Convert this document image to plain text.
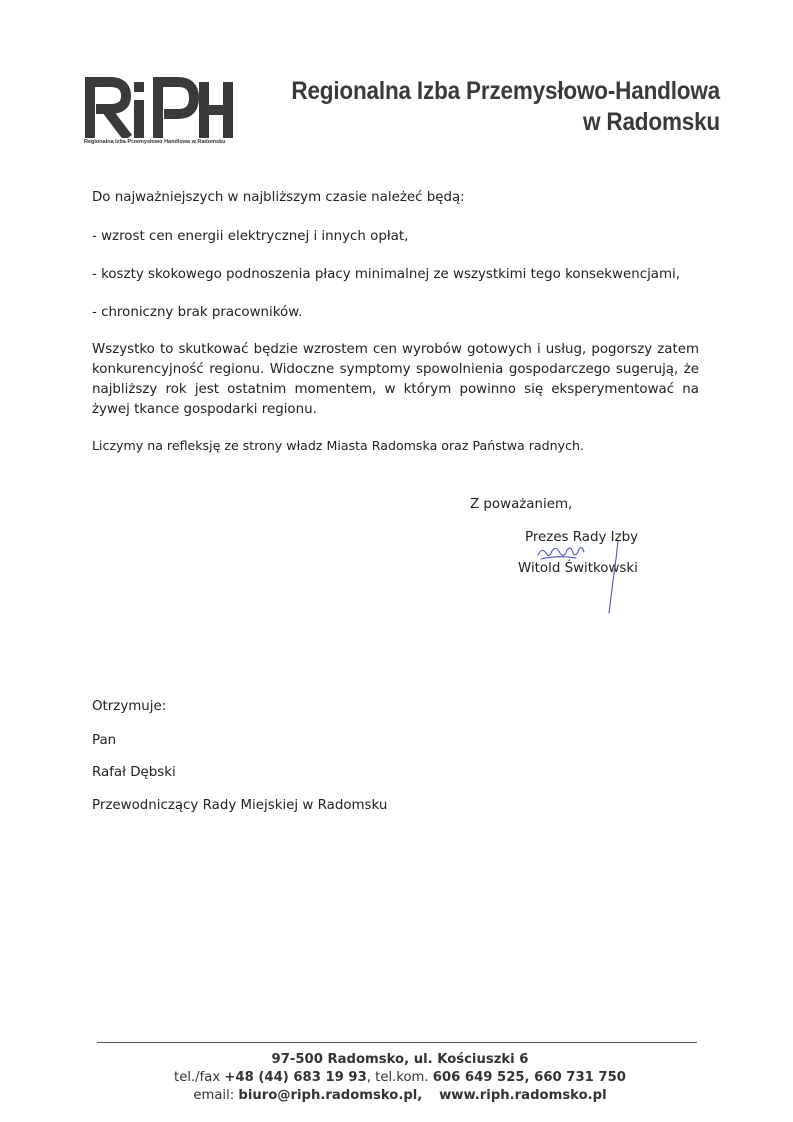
Regionalna Izba Przemysłowo Handlowa w Radomsku
Regionalna Izba Przemysłowo-Handlowa
w Radomsku
Do najważniejszych w najbliższym czasie należeć będą:
- wzrost cen energii elektrycznej i innych opłat,
- koszty skokowego podnoszenia płacy minimalnej ze wszystkimi tego konsekwencjami,
- chroniczny brak pracowników.
Wszystko to skutkować będzie wzrostem cen wyrobów gotowych i usług, pogorszy zatem konkurencyjność regionu. Widoczne symptomy spowolnienia gospodarczego sugerują, że najbliższy rok jest ostatnim momentem, w którym powinno się eksperymentować na żywej tkance gospodarki regionu.
Liczymy na refleksję ze strony władz Miasta Radomska oraz Państwa radnych.
Z poważaniem,
Prezes Rady Izby
Witold Świtkowski
Otrzymuje:
Pan
Rafał Dębski
Przewodniczący Rady Miejskiej w Radomsku
97-500 Radomsko, ul. Kościuszki 6
tel./fax +48 (44) 683 19 93, tel.kom. 606 649 525, 660 731 750
email: biuro@riph.radomsko.pl, www.riph.radomsko.pl
